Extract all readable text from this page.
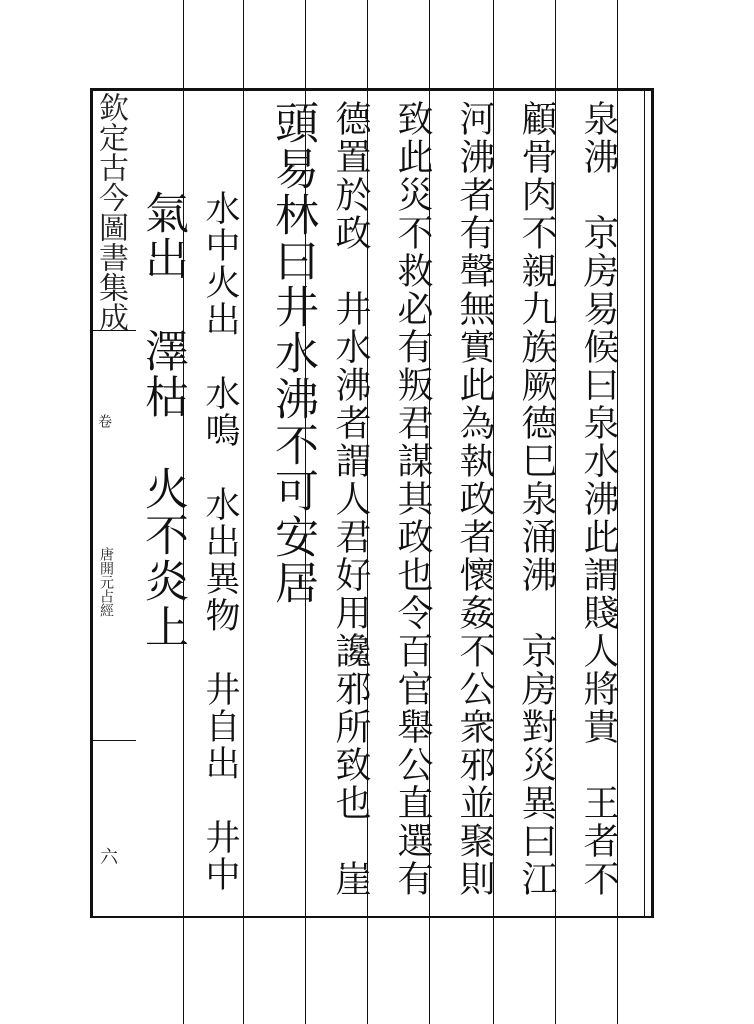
欽定古今圖書集成
卷
唐開元占經
六	泉沸　京房易候曰泉水沸此謂賤人將貴　王者不
顧骨肉不親九族厥德巳泉涌沸　京房對災異曰江
河沸者有聲無實此為執政者懷姦不公衆邪並聚則
致此災不救必有叛君謀其政也令百官舉公直選有
德置於政　井水沸者謂人君好用讒邪所致也　崖
頭易林曰井水沸不可安居
水中火出　水鳴　水出異物　井自出　井中
氣出　澤枯　火不炎上
